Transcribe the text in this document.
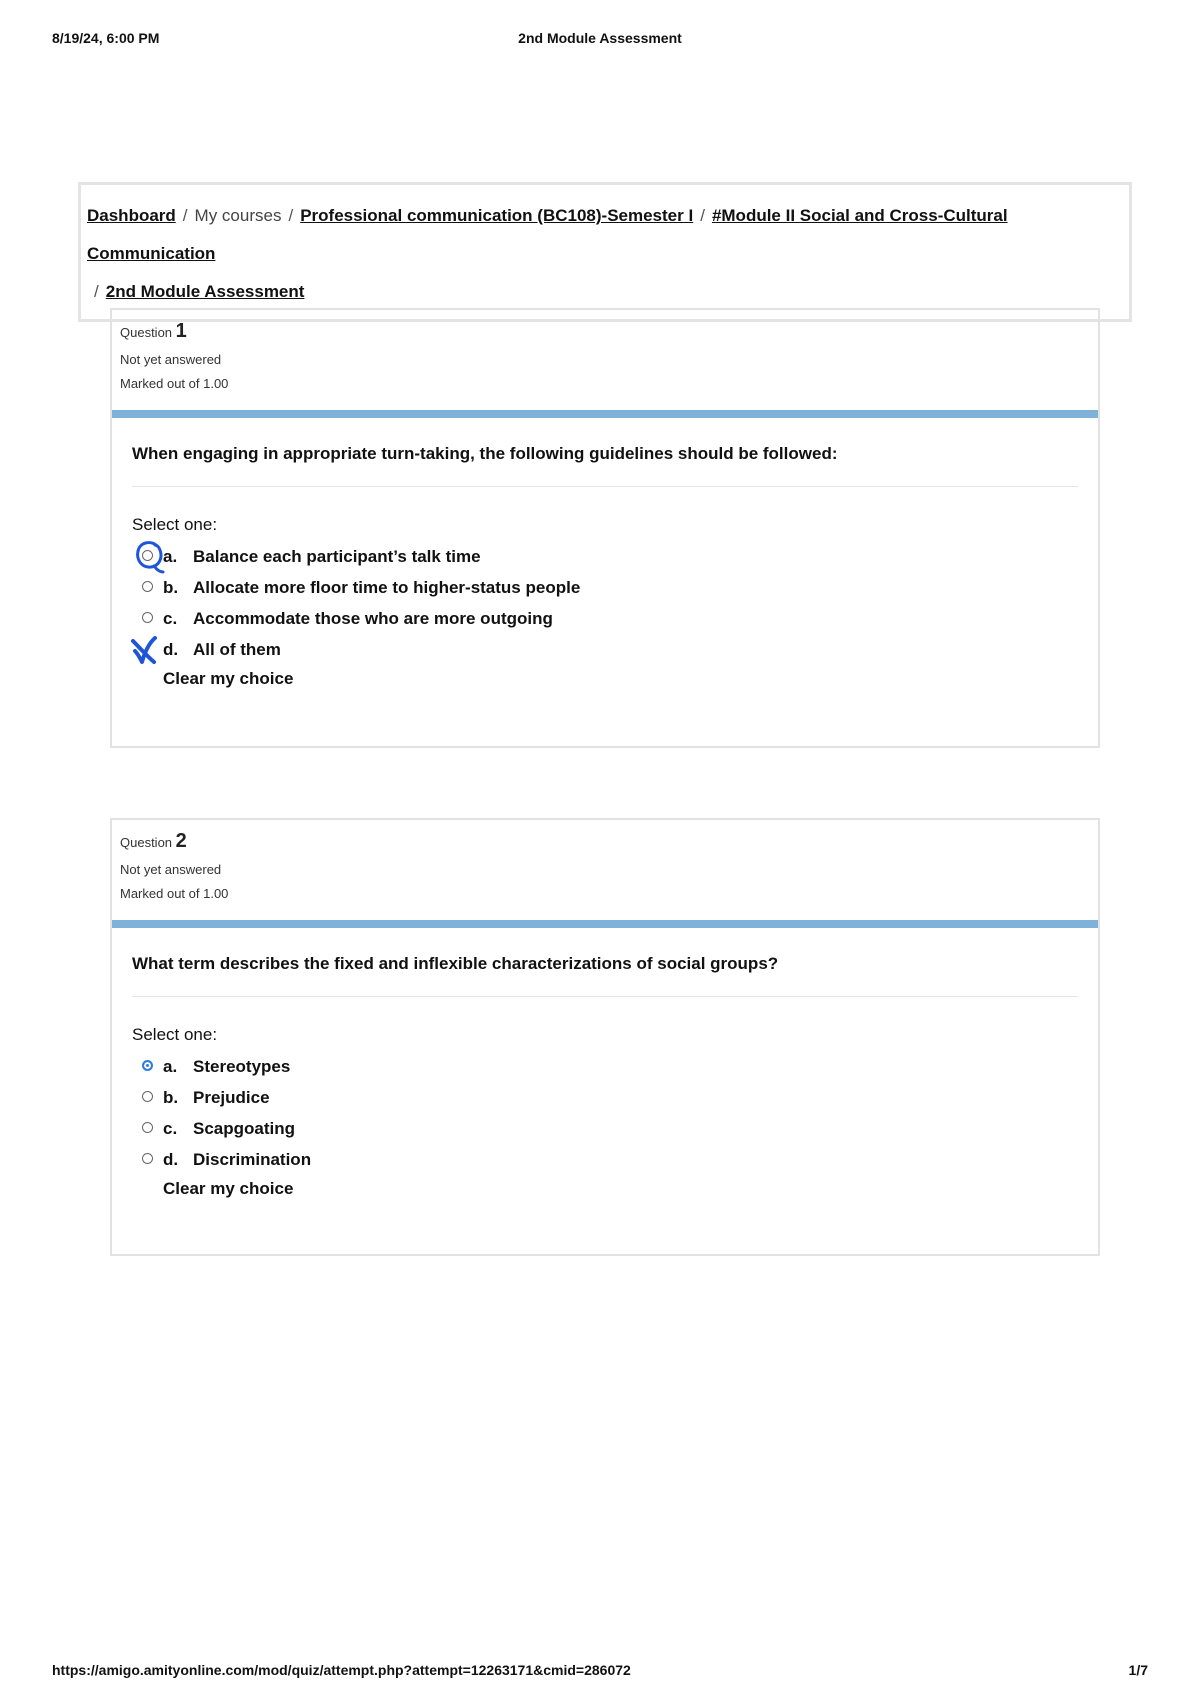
8/19/24, 6:00 PM	2nd Module Assessment
Dashboard / My courses / Professional communication (BC108)-Semester I / #Module II Social and Cross-Cultural Communication
/ 2nd Module Assessment
Question 1
Not yet answered
Marked out of 1.00
When engaging in appropriate turn-taking, the following guidelines should be followed:
Select one:
a. Balance each participant’s talk time
b. Allocate more floor time to higher-status people
c. Accommodate those who are more outgoing
d. All of them
Clear my choice
Question 2
Not yet answered
Marked out of 1.00
What term describes the fixed and inflexible characterizations of social groups?
Select one:
a. Stereotypes
b. Prejudice
c. Scapgoating
d. Discrimination
Clear my choice
https://amigo.amityonline.com/mod/quiz/attempt.php?attempt=12263171&cmid=286072	1/7
